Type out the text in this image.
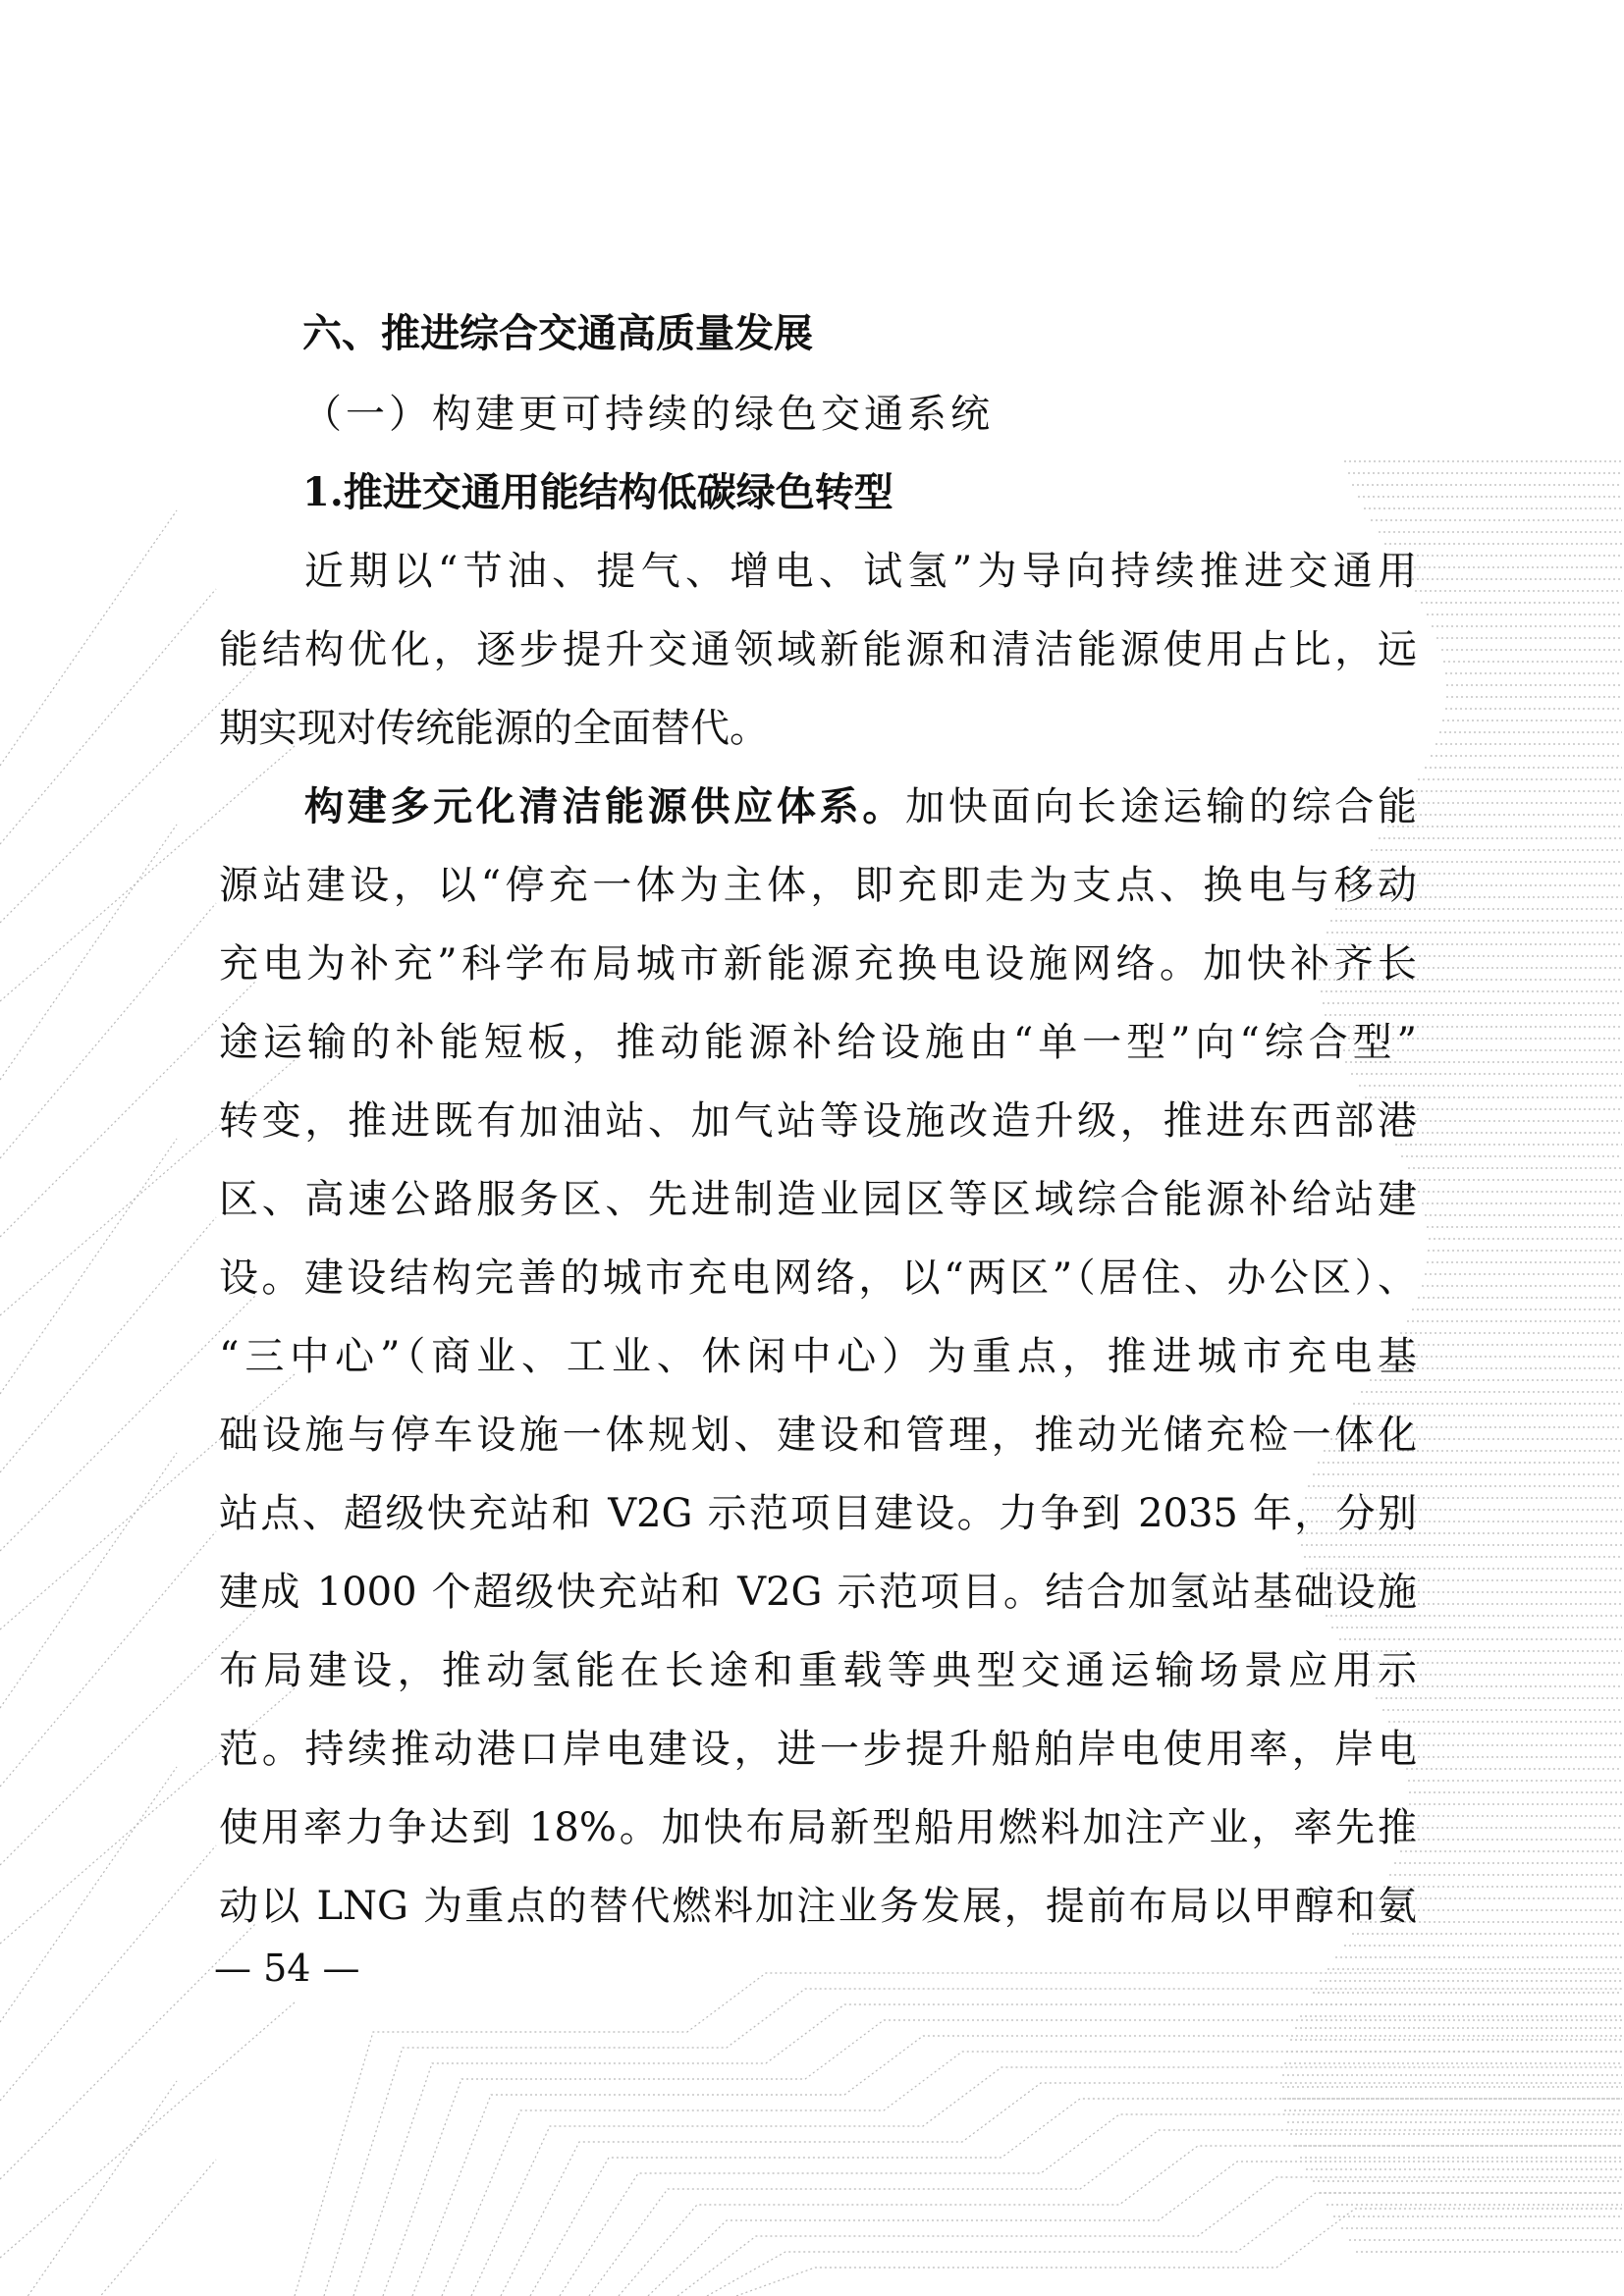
六、推进综合交通高质量发展
（一）构建更可持续的绿色交通系统
1.推进交通用能结构低碳绿色转型
近期以“节油、提气、增电、试氢”为导向持续推进交通用
能结构优化，逐步提升交通领域新能源和清洁能源使用占比，远
期实现对传统能源的全面替代。
构建多元化清洁能源供应体系。加快面向长途运输的综合能
源站建设，以“停充一体为主体，即充即走为支点、换电与移动
充电为补充”科学布局城市新能源充换电设施网络。加快补齐长
途运输的补能短板，推动能源补给设施由“单一型”向“综合型”
转变，推进既有加油站、加气站等设施改造升级，推进东西部港
区、高速公路服务区、先进制造业园区等区域综合能源补给站建
设。建设结构完善的城市充电网络，以“两区”（居住、办公区）、
“三中心”（商业、工业、休闲中心）为重点，推进城市充电基
础设施与停车设施一体规划、建设和管理，推动光储充检一体化
站点、超级快充站和 V2G 示范项目建设。力争到 2035 年，分别
建成 1000 个超级快充站和 V2G 示范项目。结合加氢站基础设施
布局建设，推动氢能在长途和重载等典型交通运输场景应用示
范。持续推动港口岸电建设，进一步提升船舶岸电使用率，岸电
使用率力争达到 18%。加快布局新型船用燃料加注产业，率先推
动以 LNG 为重点的替代燃料加注业务发展，提前布局以甲醇和氨
— 54 —
